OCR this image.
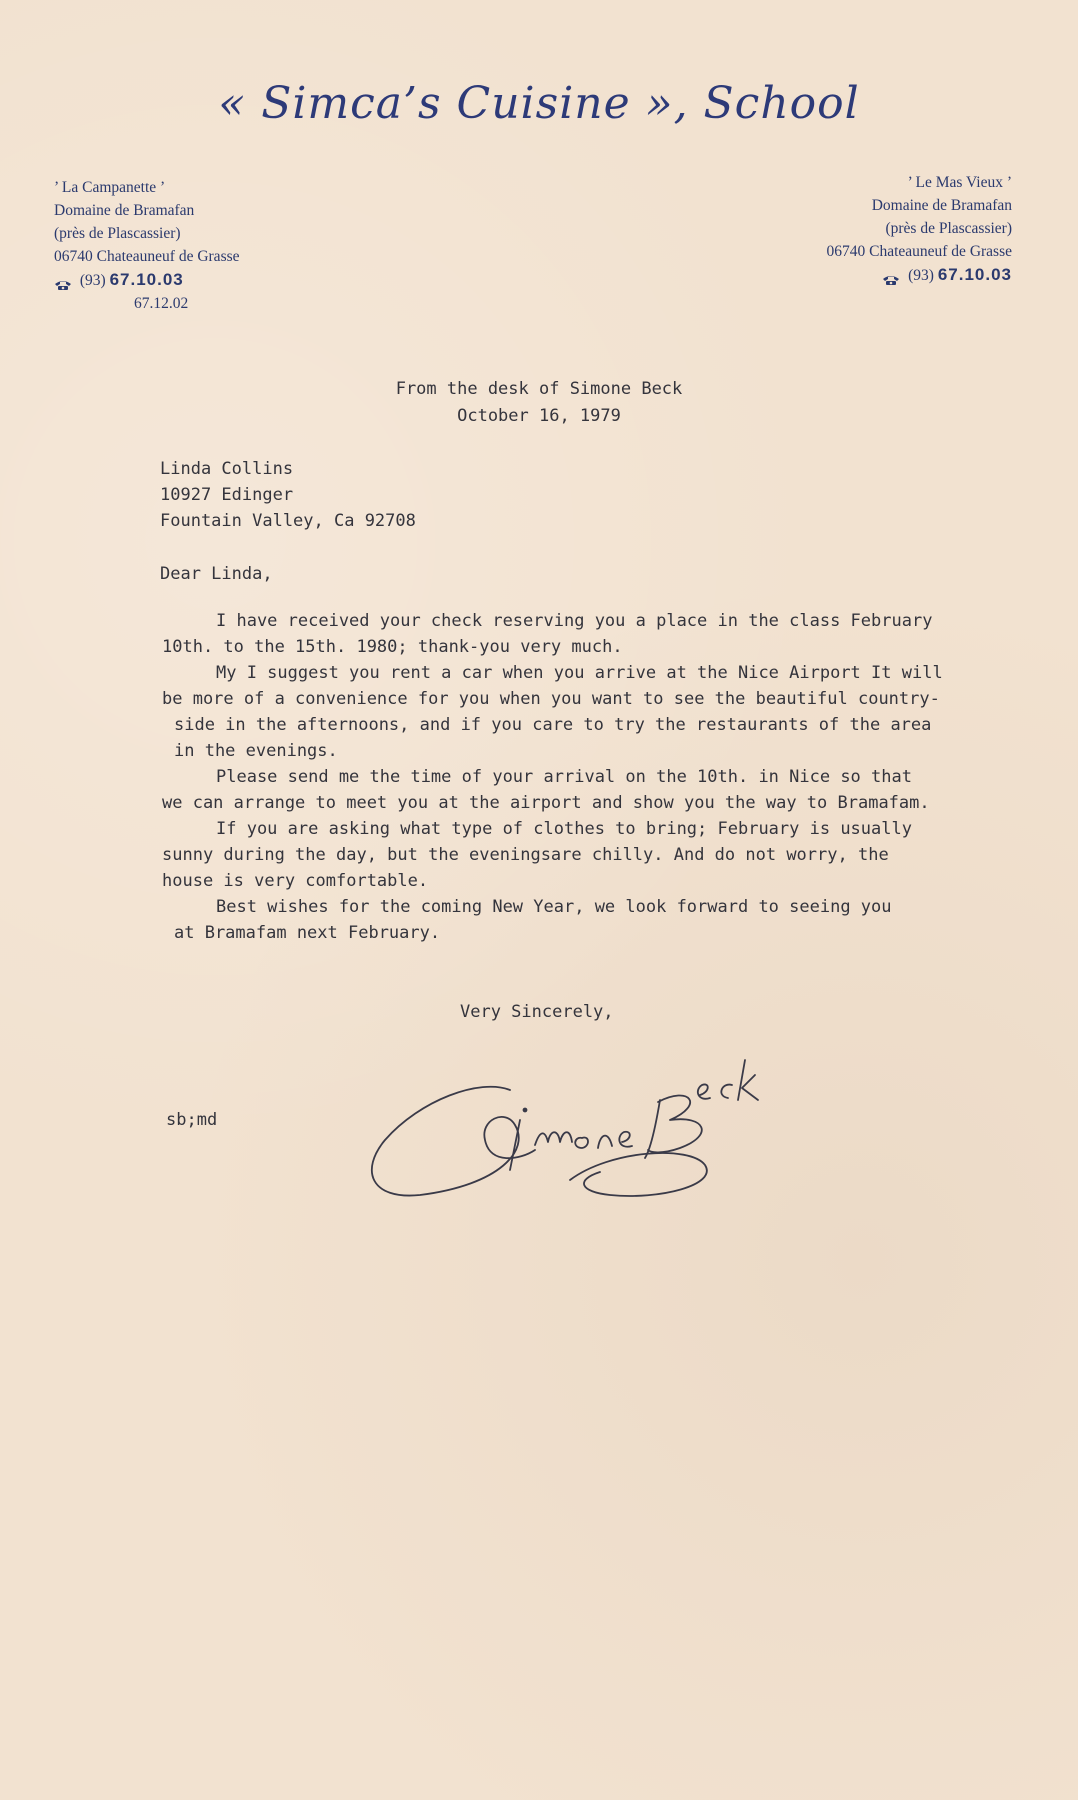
« Simca’s Cuisine », School
’ La Campanette ’
Domaine de Bramafan
(près de Plascassier)
06740 Chateauneuf de Grasse
(93) 67.10.03
67.12.02
’ Le Mas Vieux ’
Domaine de Bramafan
(près de Plascassier)
06740 Chateauneuf de Grasse
(93) 67.10.03
From the desk of Simone Beck
October 16, 1979
Linda Collins
10927 Edinger
Fountain Valley, Ca 92708
Dear Linda,
I have received your check reserving you a place in the class February
10th. to the 15th. 1980; thank-you very much.
My I suggest you rent a car when you arrive at the Nice Airport It will
be more of a convenience for you when you want to see the beautiful country-
side in the afternoons, and if you care to try the restaurants of the area
in the evenings.
Please send me the time of your arrival on the 10th. in Nice so that
we can arrange to meet you at the airport and show you the way to Bramafam.
If you are asking what type of clothes to bring; February is usually
sunny during the day, but the eveningsare chilly. And do not worry, the
house is very comfortable.
Best wishes for the coming New Year, we look forward to seeing you
at Bramafam next February.
Very Sincerely,
sb;md
